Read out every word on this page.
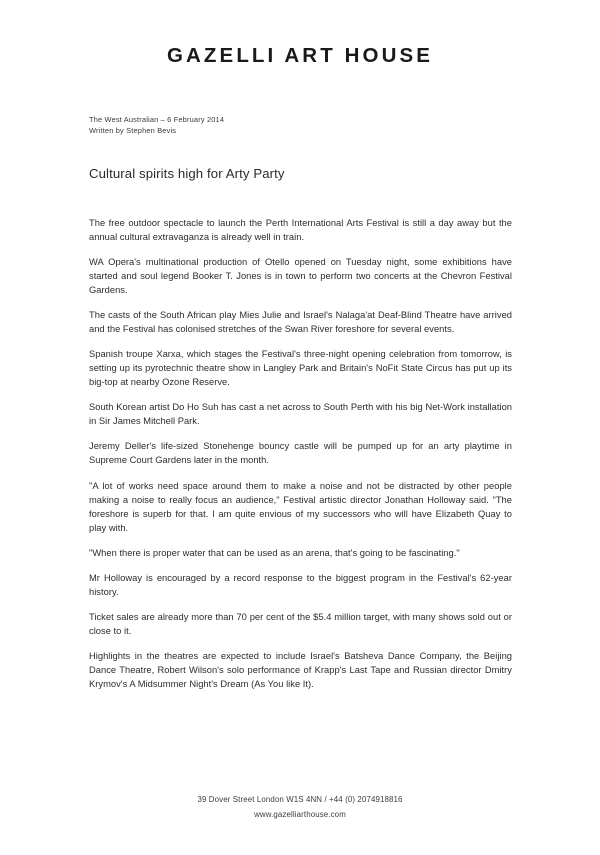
GAZELLI ART HOUSE
The West Australian – 6 February 2014
Written by Stephen Bevis
Cultural spirits high for Arty Party

The free outdoor spectacle to launch the Perth International Arts Festival is still a day away but the annual cultural extravaganza is already well in train.

WA Opera's multinational production of Otello opened on Tuesday night, some exhibitions have started and soul legend Booker T. Jones is in town to perform two concerts at the Chevron Festival Gardens.

The casts of the South African play Mies Julie and Israel's Nalaga'at Deaf-Blind Theatre have arrived and the Festival has colonised stretches of the Swan River foreshore for several events.

Spanish troupe Xarxa, which stages the Festival's three-night opening celebration from tomorrow, is setting up its pyrotechnic theatre show in Langley Park and Britain's NoFit State Circus has put up its big-top at nearby Ozone Reserve.

South Korean artist Do Ho Suh has cast a net across to South Perth with his big Net-Work installation in Sir James Mitchell Park.

Jeremy Deller's life-sized Stonehenge bouncy castle will be pumped up for an arty playtime in Supreme Court Gardens later in the month.

"A lot of works need space around them to make a noise and not be distracted by other people making a noise to really focus an audience," Festival artistic director Jonathan Holloway said. "The foreshore is superb for that. I am quite envious of my successors who will have Elizabeth Quay to play with.

"When there is proper water that can be used as an arena, that's going to be fascinating."

Mr Holloway is encouraged by a record response to the biggest program in the Festival's 62-year history.

Ticket sales are already more than 70 per cent of the $5.4 million target, with many shows sold out or close to it.

Highlights in the theatres are expected to include Israel's Batsheva Dance Company, the Beijing Dance Theatre, Robert Wilson's solo performance of Krapp's Last Tape and Russian director Dmitry Krymov's A Midsummer Night's Dream (As You like It).

39 Dover Street London W1S 4NN / +44 (0) 2074918816
www.gazelliarthouse.com
